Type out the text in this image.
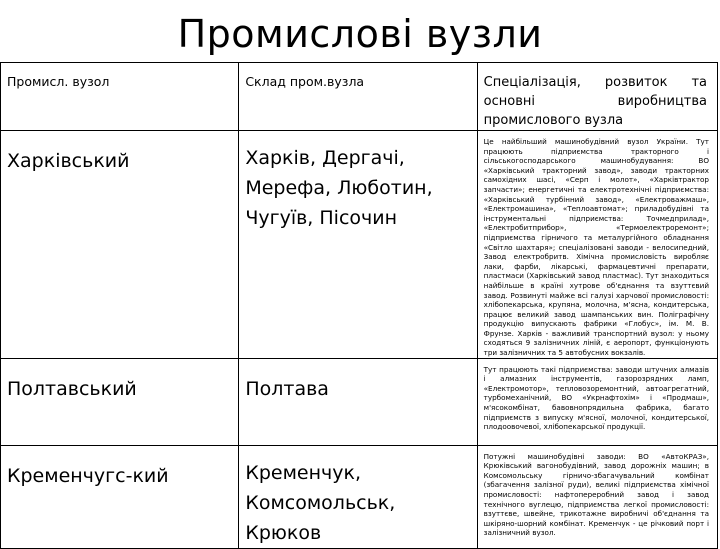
Промислові вузли
Промисл. вузол	Склад пром.вузла	Спеціалізація, розвиток та основні виробництва промислового вузла

Харківський	Харків, Дергачі, Мерефа, Люботин, Чугуїв, Пісочин	Це найбільший машинобудівний вузол України. Тут працюють підприємства тракторного і сільськогосподарського машинобудування: ВО «Харківський тракторний завод», заводи тракторних самохідних шасі, «Серп і молот», «Харківтрактор запчасти»; енергетичні та електротехнічні підприємства: «Харківський турбінний завод», «Електроважмаш», «Електромашина», «Теплоавтомат»; приладобудівні та інструментальні підприємства: Точмедприлад», «Електробитприбор», «Термоелектроремонт»; підприємства гірничого та металургійного обладнання «Світло шахтаря»; спеціалізовані заводи - велосипедний, Завод електробритв. Хімічна промисловість виробляє лаки, фарби, лікарські, фармацевтичні препарати, пластмаси (Харківський завод пластмас). Тут знаходиться найбільше в країні хутрове об'єднання та взуттєвий завод. Розвинуті майже всі галузі харчової промисловості: хлібопекарська, крупяна, молочна, м'ясна, кондитерська, працює великий завод шампанських вин. Поліграфічну продукцію випускають фабрики «Глобус», ім. М. В. Фрунзе. Харків - важливий транспортний вузол: у ньому сходяться 9 залізничних ліній, є аеропорт, функціонують три залізничних та 5 автобусних вокзалів.

Полтавський	Полтава	Тут працюють такі підприємства: заводи штучних алмазів і алмазних інструментів, газорозрядних ламп, «Електромотор», тепловозоремонтний, автоагрегатний, турбомеханічний, ВО «Укрнафтохім» і «Продмаш», м'ясокомбінат, бавовнопрядильна фабрика, багато підприємств з випуску м'ясної, молочної, кондитерської, плодоовочевої, хлібопекарської продукції.

Кременчугс-кий	Кременчук, Комсомольськ, Крюков	Потужні машинобудівні заводи: ВО «АвтоКРАЗ», Крюківський вагонобудівний, завод дорожніх машин; в Комсомольську гірничо-збагачувальний комбінат (збагачення залізної руди), великі підприємства хімічної промисловості: нафтопереробний завод і завод технічного вуглецю, підприємства легкої промисловості: взуттєве, швейне, трикотажне виробничі об'єднання та шкіряно-шорний комбінат. Кременчук - це річковий порт і залізничний вузол.
